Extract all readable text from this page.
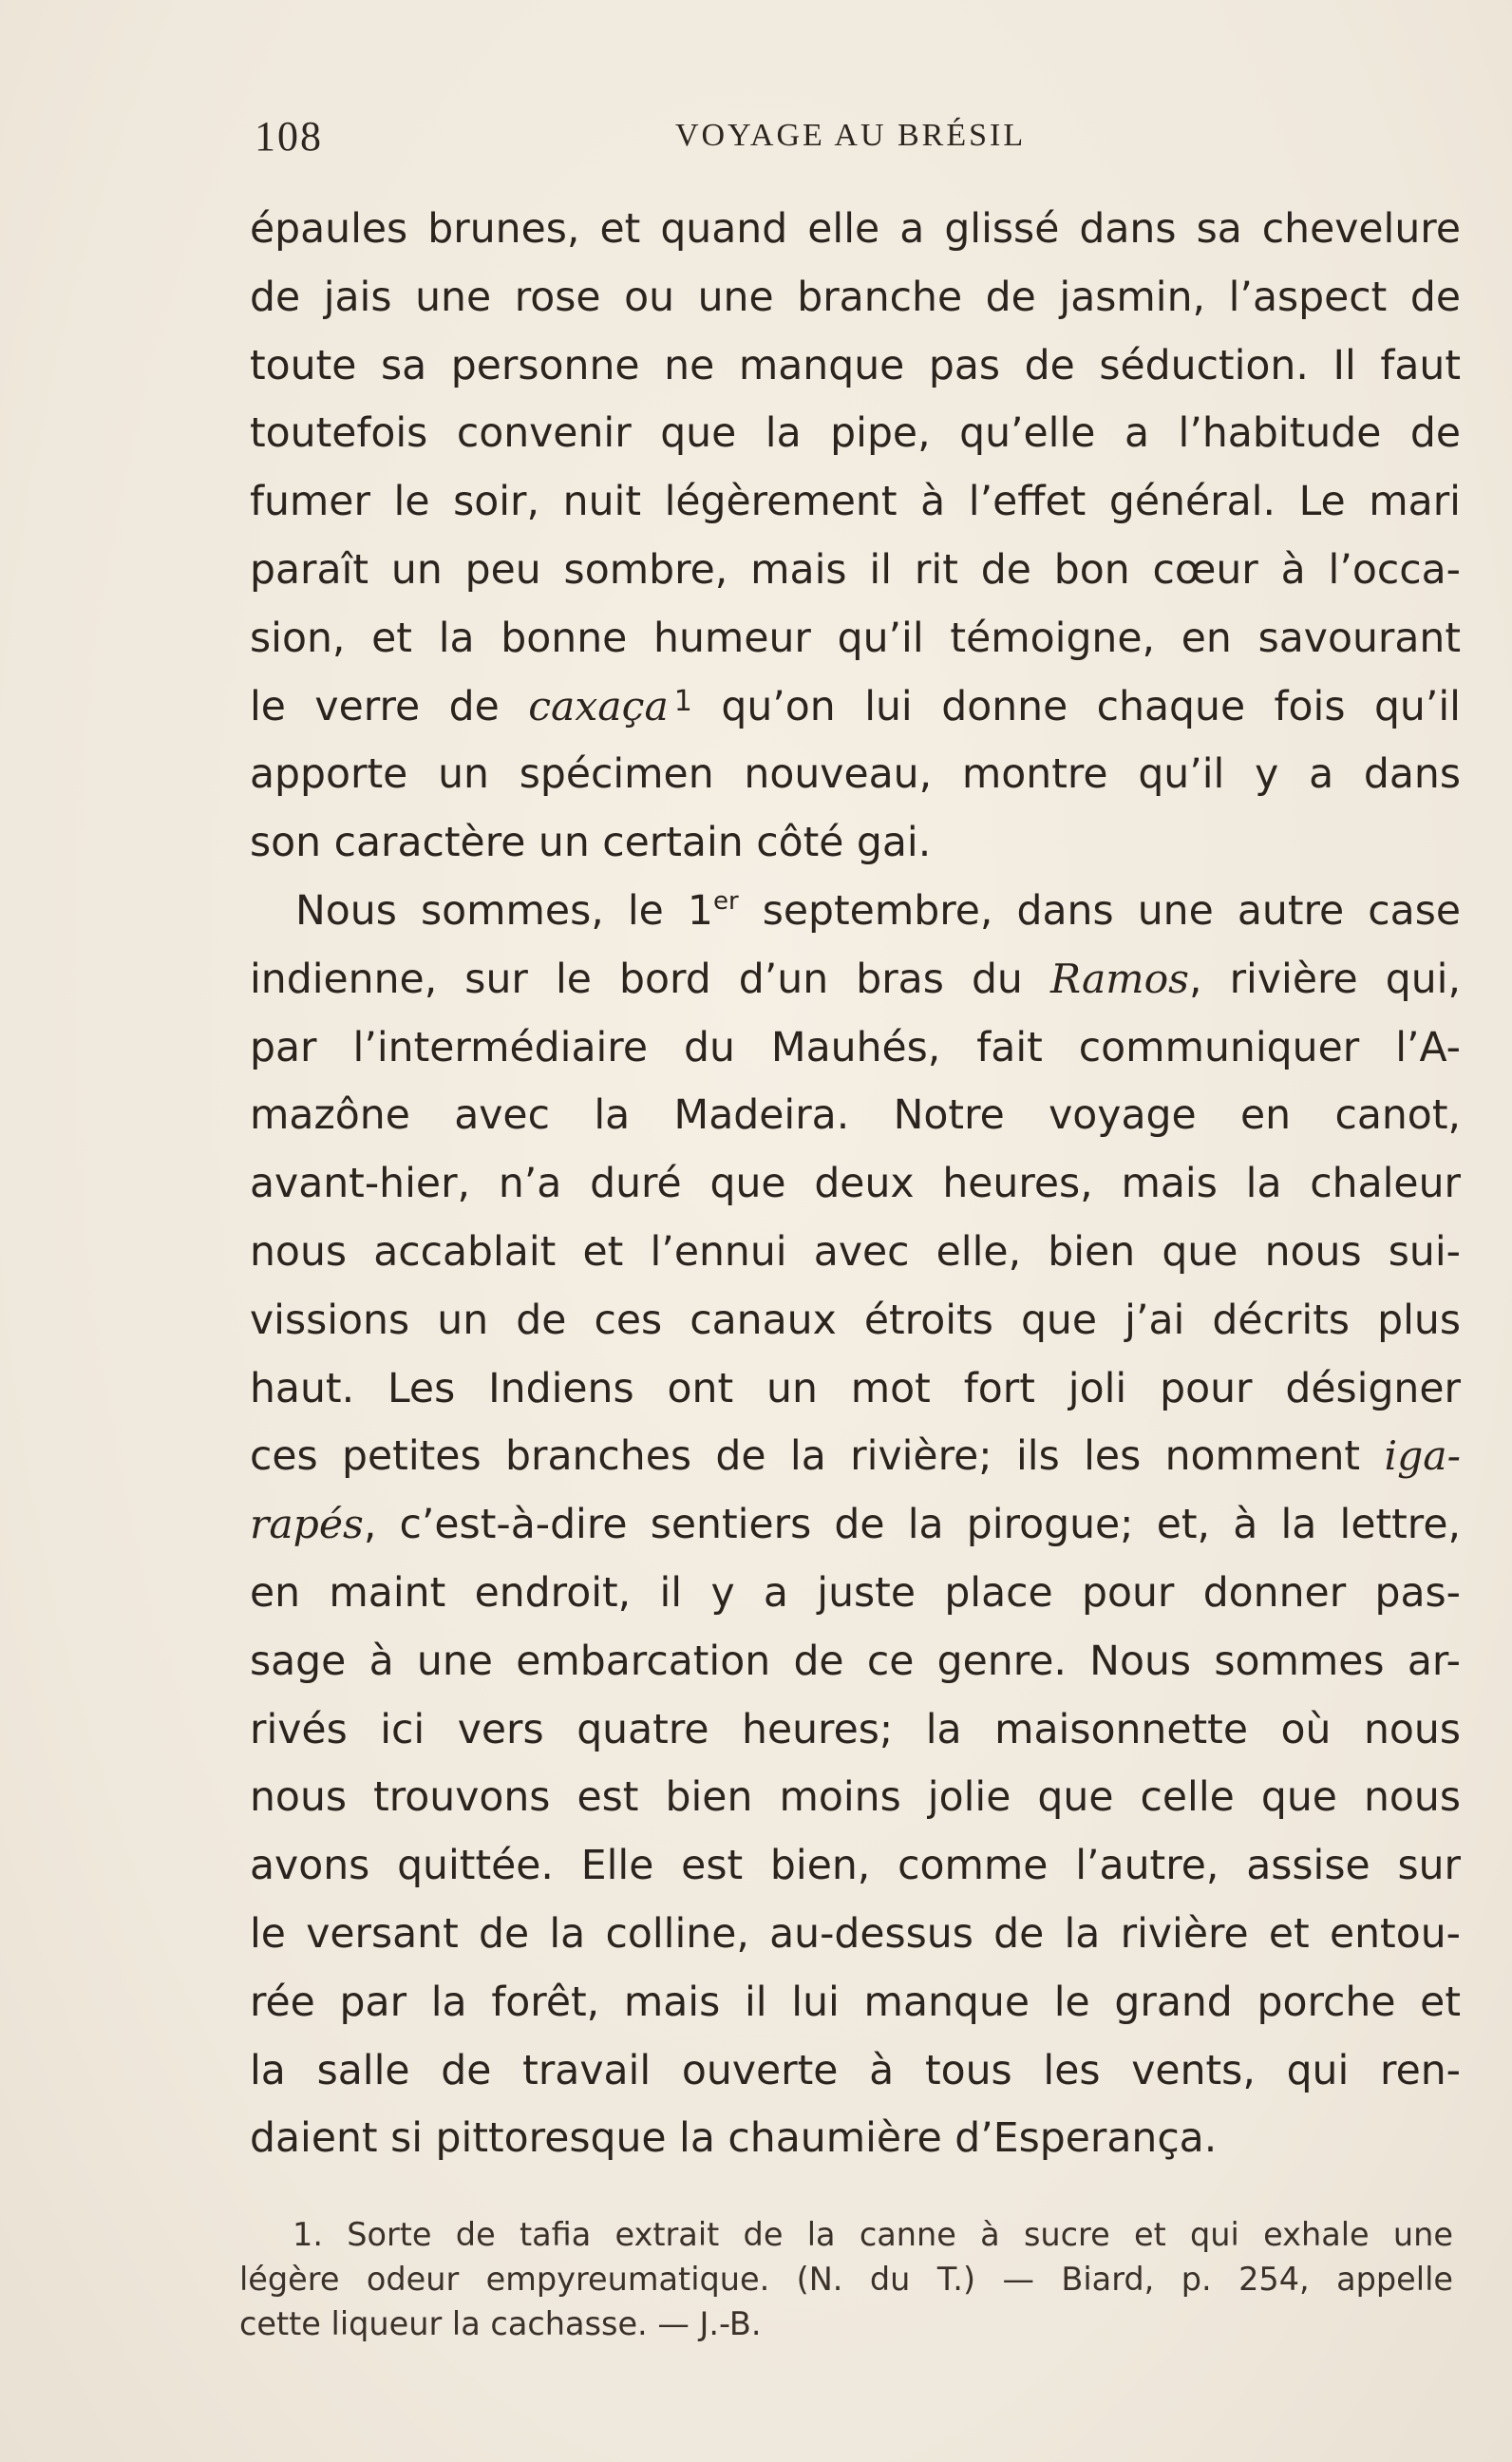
108	VOYAGE AU BRÉSIL
épaules brunes, et quand elle a glissé dans sa chevelure
de jais une rose ou une branche de jasmin, l’aspect de
toute sa personne ne manque pas de séduction. Il faut
toutefois convenir que la pipe, qu’elle a l’habitude de
fumer le soir, nuit légèrement à l’effet général. Le mari
paraît un peu sombre, mais il rit de bon cœur à l’occa-
sion, et la bonne humeur qu’il témoigne, en savourant
le verre de caxaça $^1$ qu’on lui donne chaque fois qu’il
apporte un spécimen nouveau, montre qu’il y a dans
son caractère un certain côté gai.
Nous sommes, le 1er septembre, dans une autre case
indienne, sur le bord d’un bras du Ramos, rivière qui,
par l’intermédiaire du Mauhés, fait communiquer l’A-
mazône avec la Madeira. Notre voyage en canot,
avant-hier, n’a duré que deux heures, mais la chaleur
nous accablait et l’ennui avec elle, bien que nous sui-
vissions un de ces canaux étroits que j’ai décrits plus
haut. Les Indiens ont un mot fort joli pour désigner
ces petites branches de la rivière; ils les nomment iga-
rapés, c’est-à-dire sentiers de la pirogue; et, à la lettre,
en maint endroit, il y a juste place pour donner pas-
sage à une embarcation de ce genre. Nous sommes ar-
rivés ici vers quatre heures; la maisonnette où nous
nous trouvons est bien moins jolie que celle que nous
avons quittée. Elle est bien, comme l’autre, assise sur
le versant de la colline, au-dessus de la rivière et entou-
rée par la forêt, mais il lui manque le grand porche et
la salle de travail ouverte à tous les vents, qui ren-
daient si pittoresque la chaumière d’Esperança.
1. Sorte de tafia extrait de la canne à sucre et qui exhale une
légère odeur empyreumatique. (N. du T.) — Biard, p. 254, appelle
cette liqueur la cachasse. — J.-B.
